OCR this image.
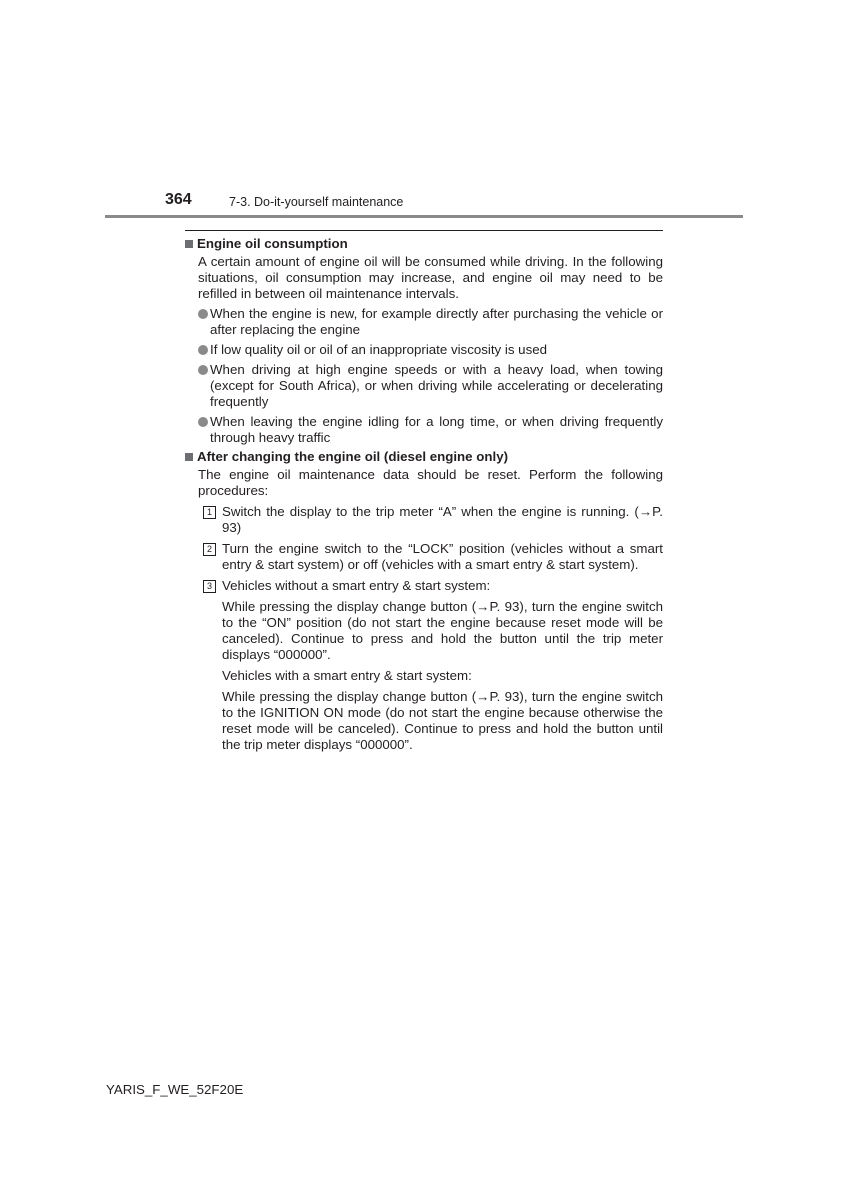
364	7-3. Do-it-yourself maintenance
Engine oil consumption
A certain amount of engine oil will be consumed while driving. In the following situations, oil consumption may increase, and engine oil may need to be refilled in between oil maintenance intervals.
When the engine is new, for example directly after purchasing the vehicle or after replacing the engine
If low quality oil or oil of an inappropriate viscosity is used
When driving at high engine speeds or with a heavy load, when towing (except for South Africa), or when driving while accelerating or decelerating frequently
When leaving the engine idling for a long time, or when driving frequently through heavy traffic
After changing the engine oil (diesel engine only)
The engine oil maintenance data should be reset. Perform the following procedures:
1 Switch the display to the trip meter “A” when the engine is running. (→P. 93)
2 Turn the engine switch to the “LOCK” position (vehicles without a smart entry & start system) or off (vehicles with a smart entry & start system).
3 Vehicles without a smart entry & start system:
While pressing the display change button (→P. 93), turn the engine switch to the “ON” position (do not start the engine because reset mode will be canceled). Continue to press and hold the button until the trip meter displays “000000”.
Vehicles with a smart entry & start system:
While pressing the display change button (→P. 93), turn the engine switch to the IGNITION ON mode (do not start the engine because otherwise the reset mode will be canceled). Continue to press and hold the button until the trip meter displays “000000”.
YARIS_F_WE_52F20E
